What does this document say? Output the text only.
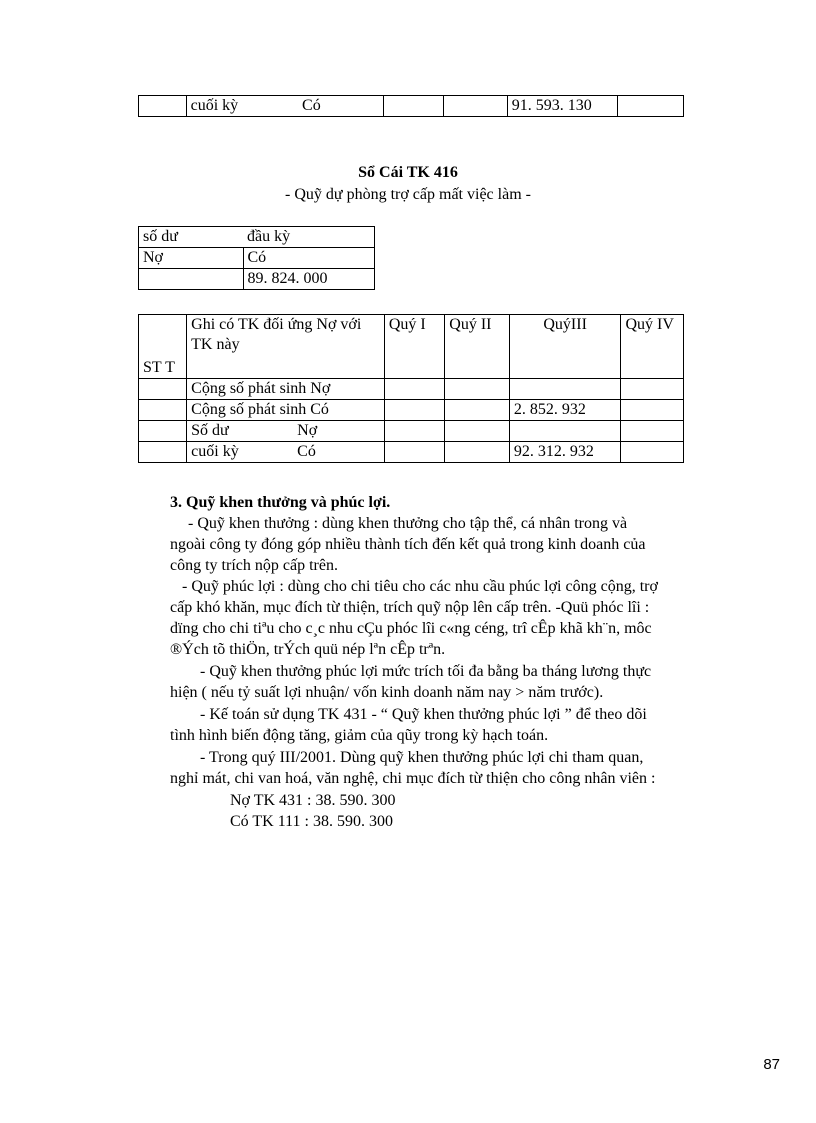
	cuối kỳ	Có			91. 593. 130	
Sổ Cái TK 416
- Quỹ dự phòng trợ cấp mất việc làm -
số dư	đầu kỳ
Nợ	Có
	89. 824. 000
ST T	Ghi có TK đối ứng Nợ với TK này	Quý I	Quý II	QuýIII	Quý IV
	Cộng số phát sinh Nợ				
	Cộng số phát sinh Có			2. 852. 932	
	Số dư Nợ				
	cuối kỳ Có			92. 312. 932	
3. Quỹ khen thưởng và phúc lợi.
- Quỹ khen thưởng : dùng khen thưởng cho tập thể, cá nhân trong và
ngoài công ty đóng góp nhiều thành tích đến kết quả trong kinh doanh của
công ty trích nộp cấp trên.
- Quỹ phúc lợi : dùng cho chi tiêu cho các nhu cầu phúc lợi công cộng, trợ
cấp khó khăn, mục đích từ thiện, trích quỹ nộp lên cấp trên. -Quü phóc lîi :
dïng cho chi tiªu cho c¸c nhu cÇu phóc lîi c«ng céng, trî cÊp khã kh¨n, môc
®Ých tõ thiÖn, trÝch quü nép lªn cÊp trªn.
- Quỹ khen thưởng phúc lợi mức trích tối đa bằng ba tháng lương thực
hiện ( nếu tỷ suất lợi nhuận/ vốn kinh doanh năm nay > năm trước).
- Kế toán sử dụng TK 431 - “ Quỹ khen thưởng phúc lợi ” để theo dõi
tình hình biến động tăng, giảm của qũy trong kỳ hạch toán.
- Trong quý III/2001. Dùng quỹ khen thưởng phúc lợi chi tham quan,
nghỉ mát, chi van hoá, văn nghệ, chi mục đích từ thiện cho công nhân viên :
Nợ TK 431 : 38. 590. 300
Có TK 111 : 38. 590. 300
87
